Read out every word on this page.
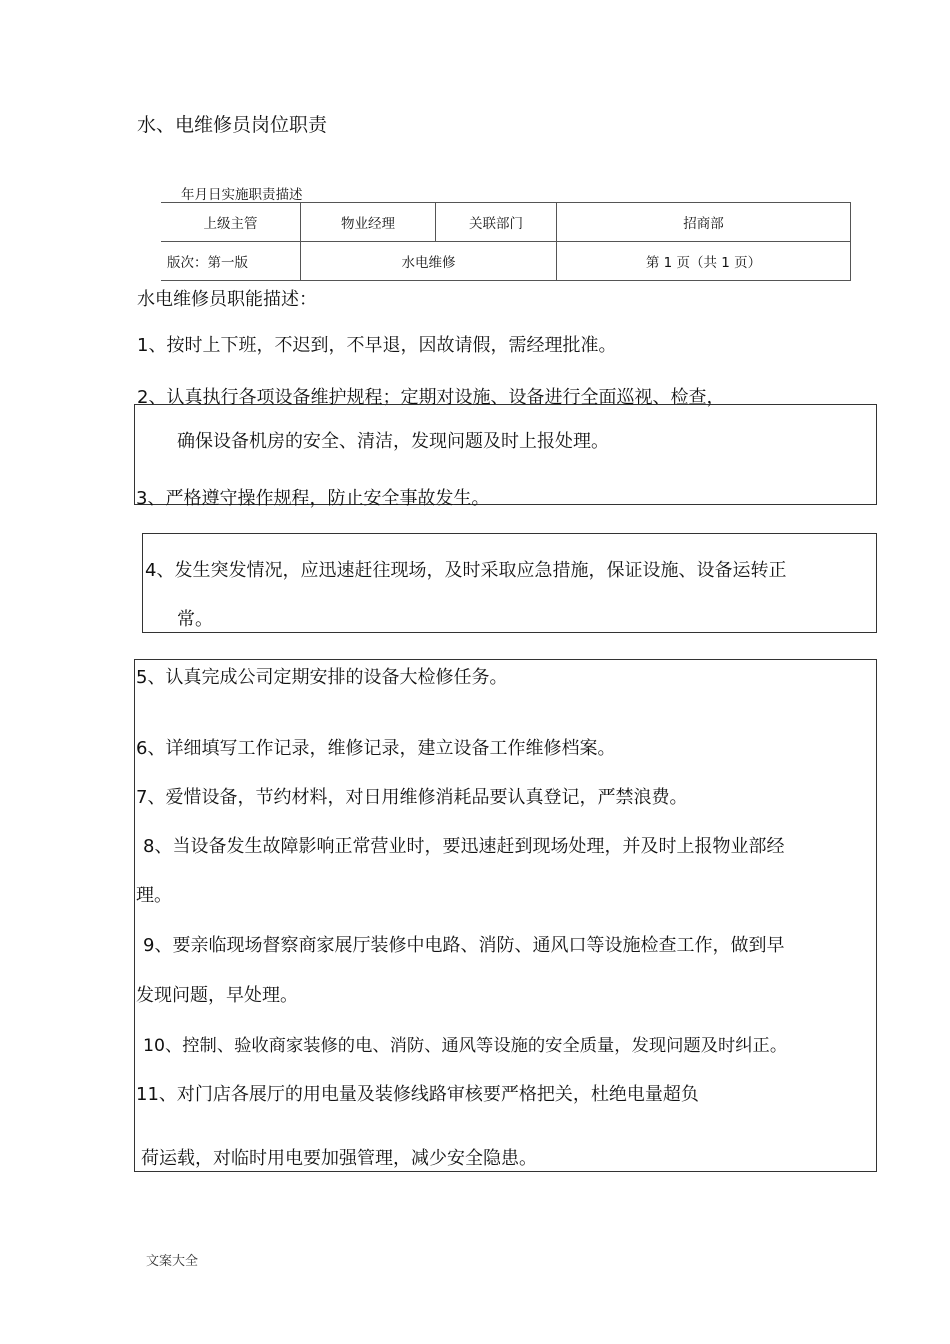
水、电维修员岗位职责
年月日实施职责描述
上级主管	物业经理	关联部门	招商部
版次：第一版	水电维修		第 1 页（共 1 页）
水电维修员职能描述：
1、按时上下班，不迟到，不早退，因故请假，需经理批准。
2、认真执行各项设备维护规程；定期对设施、设备进行全面巡视、检查，
确保设备机房的安全、清洁，发现问题及时上报处理。
3、严格遵守操作规程，防止安全事故发生。
4、发生突发情况，应迅速赶往现场，及时采取应急措施，保证设施、设备运转正
常。
5、认真完成公司定期安排的设备大检修任务。
6、详细填写工作记录，维修记录，建立设备工作维修档案。
7、爱惜设备，节约材料，对日用维修消耗品要认真登记，严禁浪费。
8、当设备发生故障影响正常营业时，要迅速赶到现场处理，并及时上报物业部经
理。
9、要亲临现场督察商家展厅装修中电路、消防、通风口等设施检查工作，做到早
发现问题，早处理。
10、控制、验收商家装修的电、消防、通风等设施的安全质量，发现问题及时纠正。
11、对门店各展厅的用电量及装修线路审核要严格把关，杜绝电量超负
荷运载，对临时用电要加强管理，减少安全隐患。
文案大全
